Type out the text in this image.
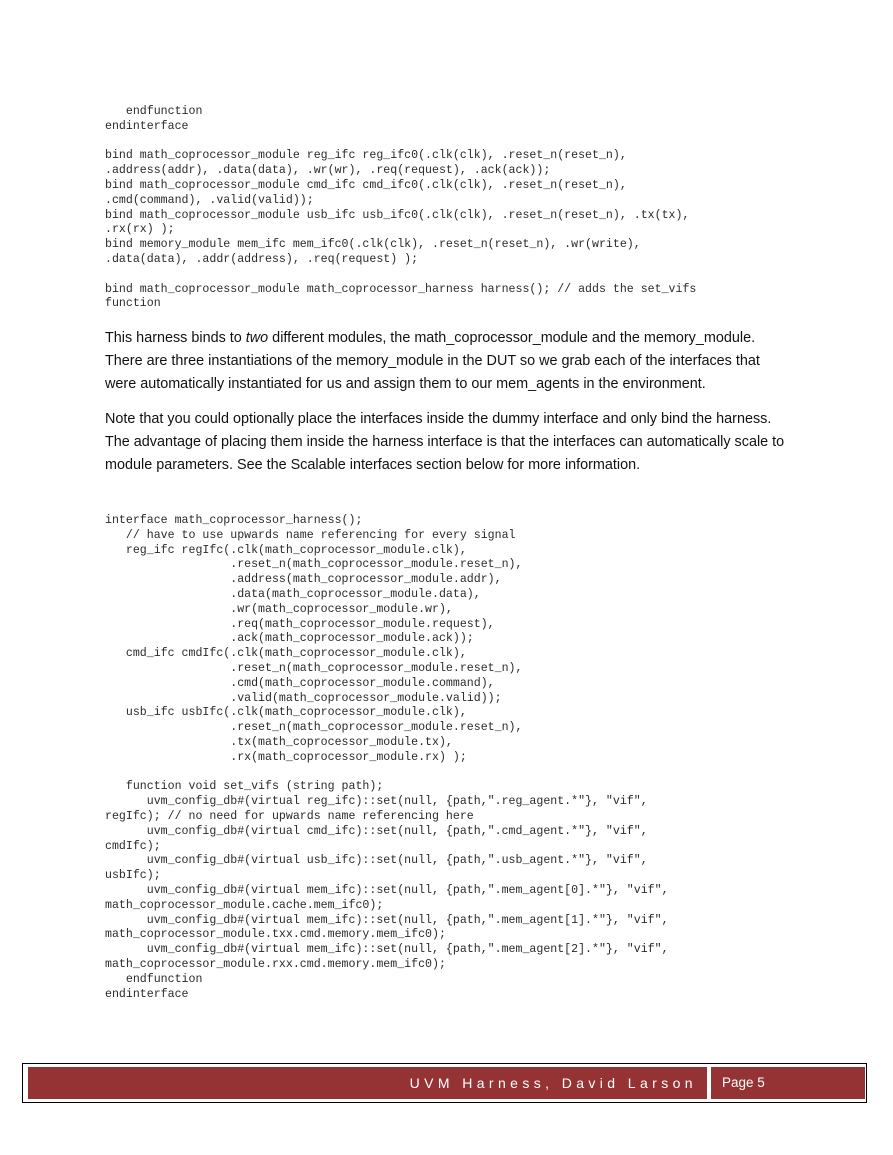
endfunction
endinterface

bind math_coprocessor_module reg_ifc reg_ifc0(.clk(clk), .reset_n(reset_n),
.address(addr), .data(data), .wr(wr), .req(request), .ack(ack));
bind math_coprocessor_module cmd_ifc cmd_ifc0(.clk(clk), .reset_n(reset_n),
.cmd(command), .valid(valid));
bind math_coprocessor_module usb_ifc usb_ifc0(.clk(clk), .reset_n(reset_n), .tx(tx),
.rx(rx) );
bind memory_module mem_ifc mem_ifc0(.clk(clk), .reset_n(reset_n), .wr(write),
.data(data), .addr(address), .req(request) );

bind math_coprocessor_module math_coprocessor_harness harness(); // adds the set_vifs
function

This harness binds to two different modules, the math_coprocessor_module and the memory_module. There are three instantiations of the memory_module in the DUT so we grab each of the interfaces that were automatically instantiated for us and assign them to our mem_agents in the environment.

Note that you could optionally place the interfaces inside the dummy interface and only bind the harness. The advantage of placing them inside the harness interface is that the interfaces can automatically scale to module parameters. See the Scalable interfaces section below for more information.

interface math_coprocessor_harness();
// have to use upwards name referencing for every signal
reg_ifc regIfc(.clk(math_coprocessor_module.clk),
.reset_n(math_coprocessor_module.reset_n),
.address(math_coprocessor_module.addr),
.data(math_coprocessor_module.data),
.wr(math_coprocessor_module.wr),
.req(math_coprocessor_module.request),
.ack(math_coprocessor_module.ack));
cmd_ifc cmdIfc(.clk(math_coprocessor_module.clk),
.reset_n(math_coprocessor_module.reset_n),
.cmd(math_coprocessor_module.command),
.valid(math_coprocessor_module.valid));
usb_ifc usbIfc(.clk(math_coprocessor_module.clk),
.reset_n(math_coprocessor_module.reset_n),
.tx(math_coprocessor_module.tx),
.rx(math_coprocessor_module.rx) );

function void set_vifs (string path);
uvm_config_db#(virtual reg_ifc)::set(null, {path,".reg_agent.*"}, "vif",
regIfc); // no need for upwards name referencing here
uvm_config_db#(virtual cmd_ifc)::set(null, {path,".cmd_agent.*"}, "vif",
cmdIfc);
uvm_config_db#(virtual usb_ifc)::set(null, {path,".usb_agent.*"}, "vif",
usbIfc);
uvm_config_db#(virtual mem_ifc)::set(null, {path,".mem_agent[0].*"}, "vif",
math_coprocessor_module.cache.mem_ifc0);
uvm_config_db#(virtual mem_ifc)::set(null, {path,".mem_agent[1].*"}, "vif",
math_coprocessor_module.txx.cmd.memory.mem_ifc0);
uvm_config_db#(virtual mem_ifc)::set(null, {path,".mem_agent[2].*"}, "vif",
math_coprocessor_module.rxx.cmd.memory.mem_ifc0);
endfunction
endinterface
UVM Harness, David Larson	Page 5
